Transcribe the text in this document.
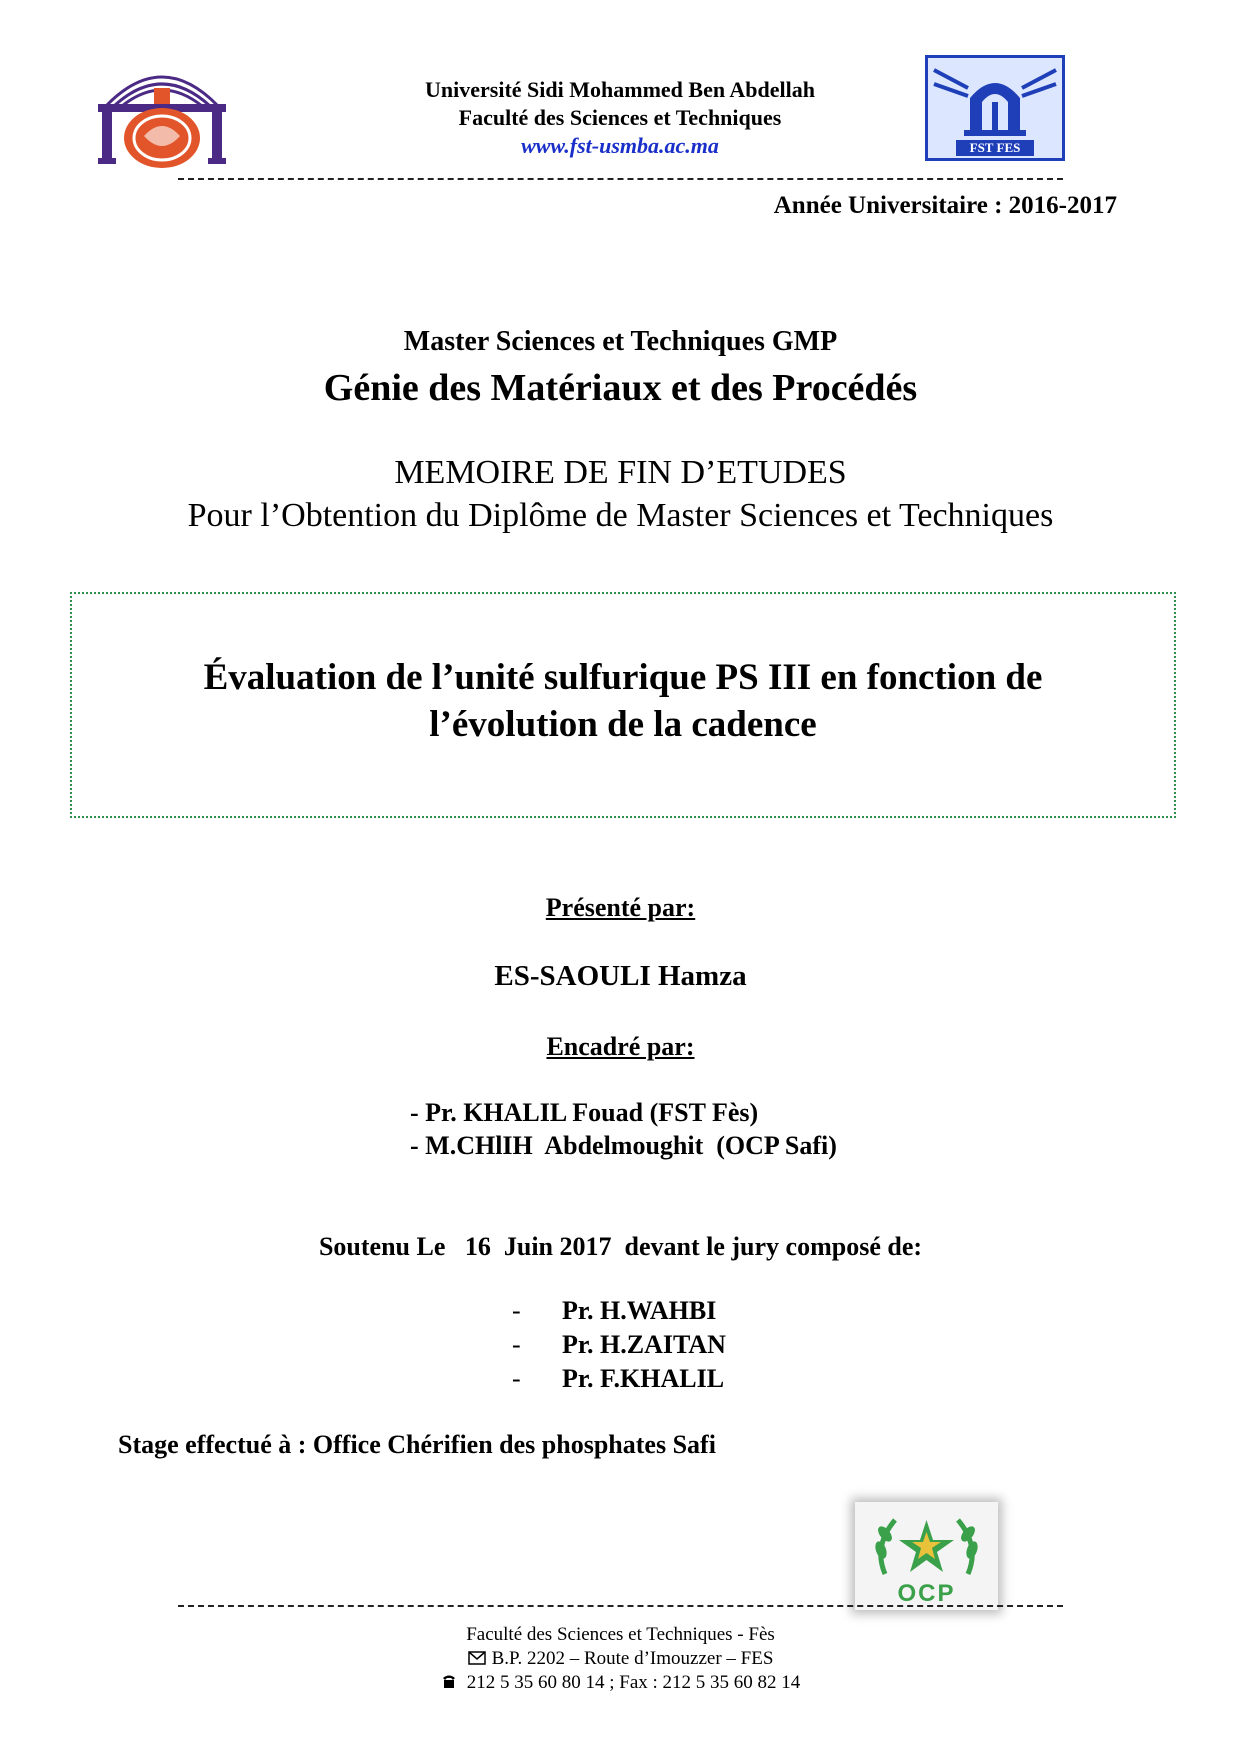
Université Sidi Mohammed Ben Abdellah
Faculté des Sciences et Techniques
www.fst-usmba.ac.ma	FST FES
Année Universitaire : 2016-2017
Master Sciences et Techniques GMP
Génie des Matériaux et des Procédés
MEMOIRE DE FIN D’ETUDES
Pour l’Obtention du Diplôme de Master Sciences et Techniques
Évaluation de l’unité sulfurique PS III en fonction de
l’évolution de la cadence
Présenté par:
ES-SAOULI Hamza
Encadré par:
- Pr. KHALIL Fouad (FST Fès)
- M.CHlIH  Abdelmoughit  (OCP Safi)
Soutenu Le   16  Juin 2017  devant le jury composé de:
- Pr. H.WAHBI
- Pr. H.ZAITAN
- Pr. F.KHALIL
Stage effectué à : Office Chérifien des phosphates Safi
OCP
Faculté des Sciences et Techniques - Fès
B.P. 2202 – Route d’Imouzzer – FES
212 5 35 60 80 14 ; Fax : 212 5 35 60 82 14
